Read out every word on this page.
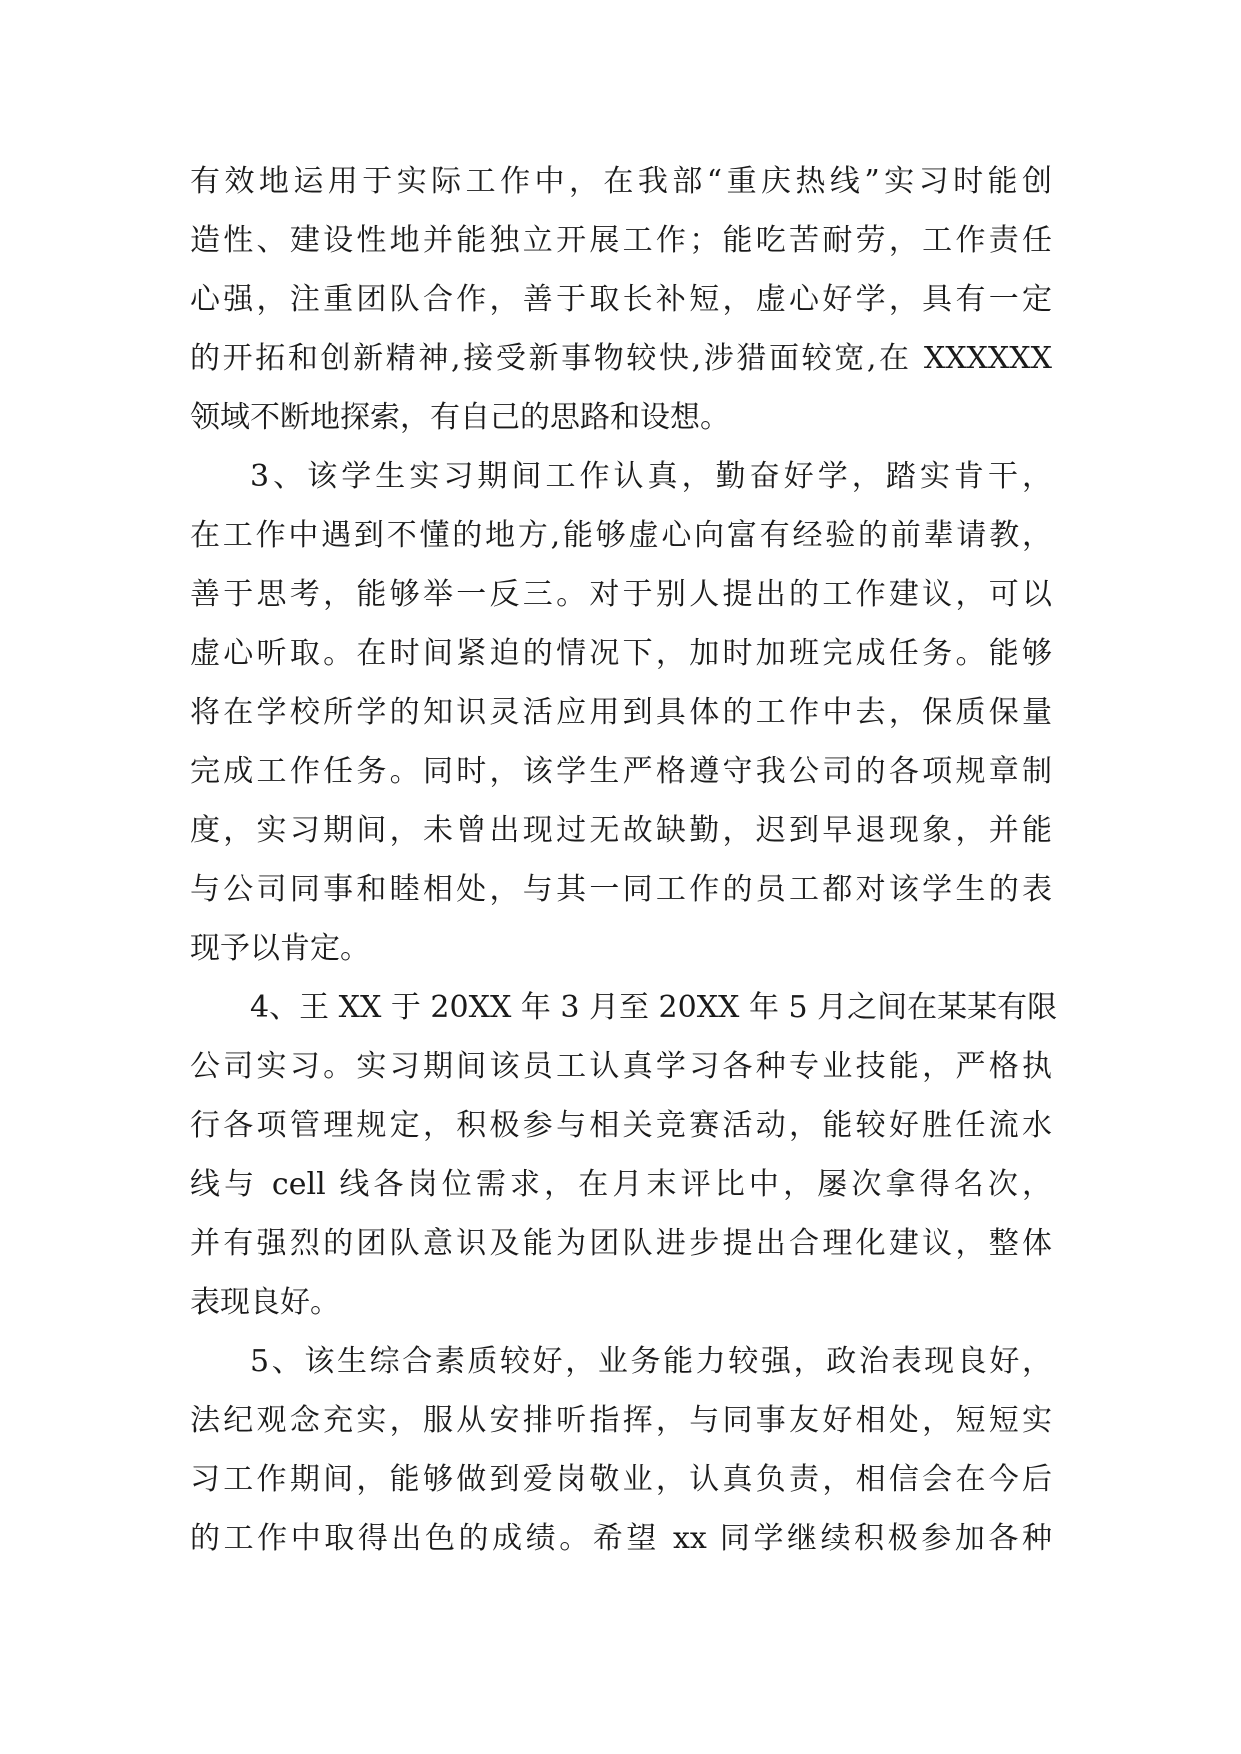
有效地运用于实际工作中，在我部“重庆热线”实习时能创
造性、建设性地并能独立开展工作；能吃苦耐劳，工作责任
心强，注重团队合作，善于取长补短，虚心好学，具有一定
的开拓和创新精神,接受新事物较快,涉猎面较宽,在 XXXXXX
领域不断地探索，有自己的思路和设想。
3、该学生实习期间工作认真，勤奋好学，踏实肯干，
在工作中遇到不懂的地方,能够虚心向富有经验的前辈请教，
善于思考，能够举一反三。对于别人提出的工作建议，可以
虚心听取。在时间紧迫的情况下，加时加班完成任务。能够
将在学校所学的知识灵活应用到具体的工作中去，保质保量
完成工作任务。同时，该学生严格遵守我公司的各项规章制
度，实习期间，未曾出现过无故缺勤，迟到早退现象，并能
与公司同事和睦相处，与其一同工作的员工都对该学生的表
现予以肯定。
4、王 XX 于 20XX 年 3 月至 20XX 年 5 月之间在某某有限
公司实习。实习期间该员工认真学习各种专业技能，严格执
行各项管理规定，积极参与相关竞赛活动，能较好胜任流水
线与 cell 线各岗位需求，在月末评比中，屡次拿得名次，
并有强烈的团队意识及能为团队进步提出合理化建议，整体
表现良好。
5、该生综合素质较好，业务能力较强，政治表现良好，
法纪观念充实，服从安排听指挥，与同事友好相处，短短实
习工作期间，能够做到爱岗敬业，认真负责，相信会在今后
的工作中取得出色的成绩。希望 xx 同学继续积极参加各种
